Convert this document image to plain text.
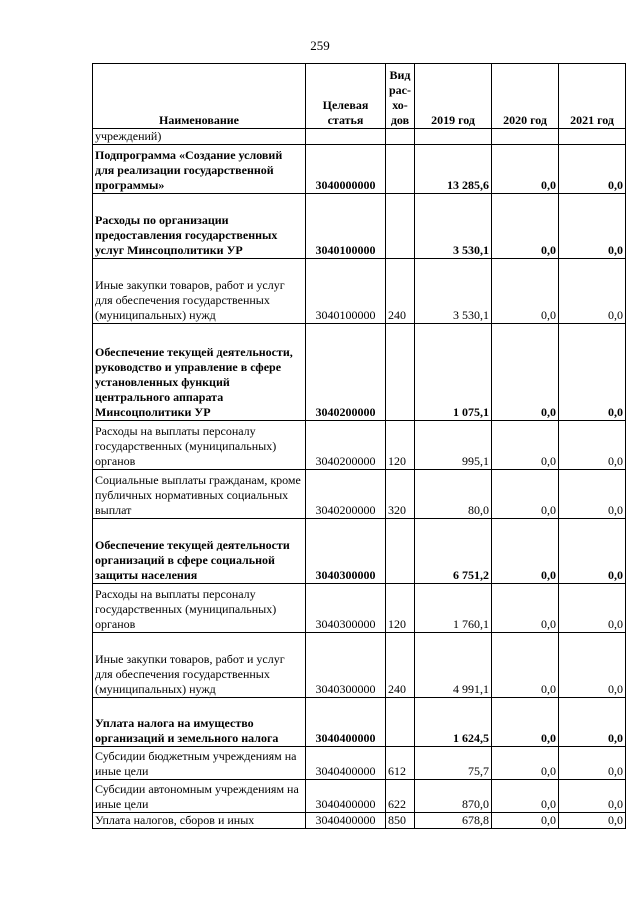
259
Наименование	Целевая статья	Вид рас-хо-дов	2019 год	2020 год	2021 год
учреждений)					
Подпрограмма «Создание условий для реализации государственной программы»	3040000000		13 285,6	0,0	0,0
Расходы по организации предоставления государственных услуг Минсоцполитики УР	3040100000		3 530,1	0,0	0,0
Иные закупки товаров, работ и услуг для обеспечения государственных (муниципальных) нужд	3040100000	240	3 530,1	0,0	0,0
Обеспечение текущей деятельности, руководство и управление в сфере установленных функций центрального аппарата Минсоцполитики УР	3040200000		1 075,1	0,0	0,0
Расходы на выплаты персоналу государственных (муниципальных) органов	3040200000	120	995,1	0,0	0,0
Социальные выплаты гражданам, кроме публичных нормативных социальных выплат	3040200000	320	80,0	0,0	0,0
Обеспечение текущей деятельности организаций в сфере социальной защиты населения	3040300000		6 751,2	0,0	0,0
Расходы на выплаты персоналу государственных (муниципальных) органов	3040300000	120	1 760,1	0,0	0,0
Иные закупки товаров, работ и услуг для обеспечения государственных (муниципальных) нужд	3040300000	240	4 991,1	0,0	0,0
Уплата налога на имущество организаций и земельного налога	3040400000		1 624,5	0,0	0,0
Субсидии бюджетным учреждениям на иные цели	3040400000	612	75,7	0,0	0,0
Субсидии автономным учреждениям на иные цели	3040400000	622	870,0	0,0	0,0
Уплата налогов, сборов и иных	3040400000	850	678,8	0,0	0,0
